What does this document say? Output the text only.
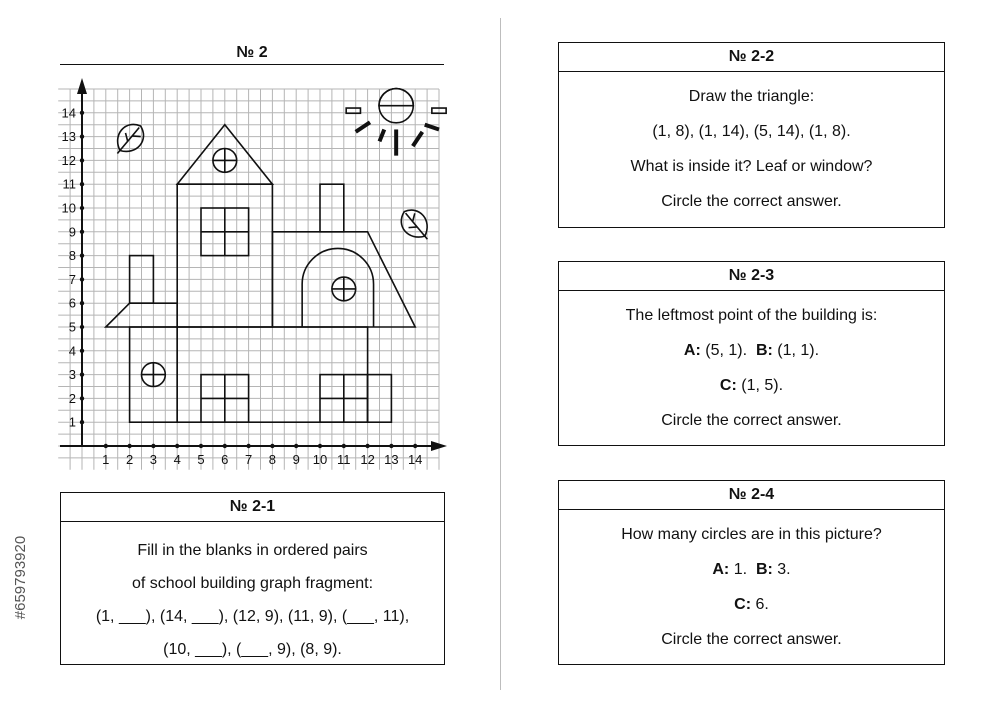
№ 2
1 2 3 4 5 6 7 8 9 10 11 12 13 14
1
2
3
4
5
6
7
8
9
10
11
12
13
14
№ 2-1
Fill in the blanks in ordered pairs
of school building graph fragment:
(1, ___), (14, ___), (12, 9), (11, 9), (___, 11),
(10, ___), (___, 9), (8, 9).
№ 2-2
Draw the triangle:
(1, 8), (1, 14), (5, 14), (1, 8).
What is inside it? Leaf or window?
Circle the correct answer.
№ 2-3
The leftmost point of the building is:
A: (5, 1). B: (1, 1).
C: (1, 5).
Circle the correct answer.
№ 2-4
How many circles are in this picture?
A: 1. B: 3.
C: 6.
Circle the correct answer.
#659793920
